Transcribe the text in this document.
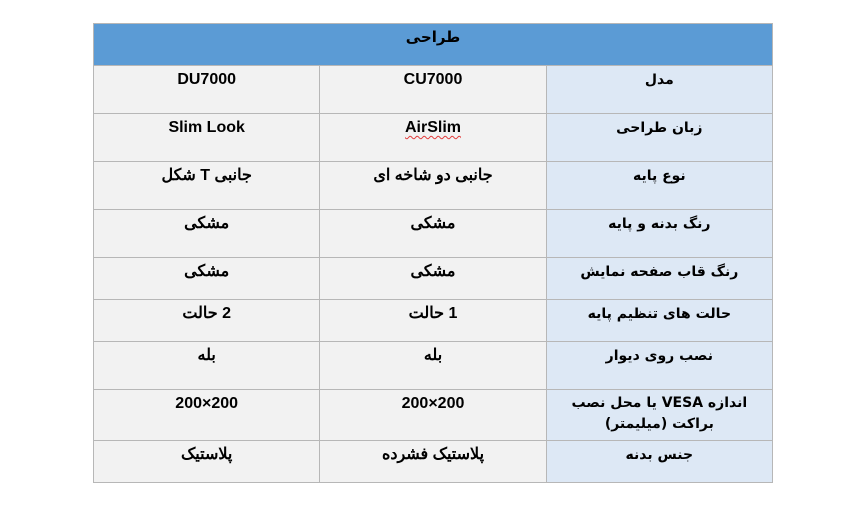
طراحی		

DU7000	CU7000	مدل

Slim Look	AirSlim	زبان طراحی

جانبی T شکل	جانبی دو شاخه ای	نوع پایه

مشکی	مشکی	رنگ بدنه و پایه

مشکی	مشکی	رنگ قاب صفحه نمایش

2 حالت	1 حالت	حالت های تنظیم پایه

بله	بله	نصب روی دیوار

200×200	200×200	اندازه VESA یا محل نصب براکت (میلیمتر)

پلاستیک	پلاستیک فشرده	جنس بدنه
